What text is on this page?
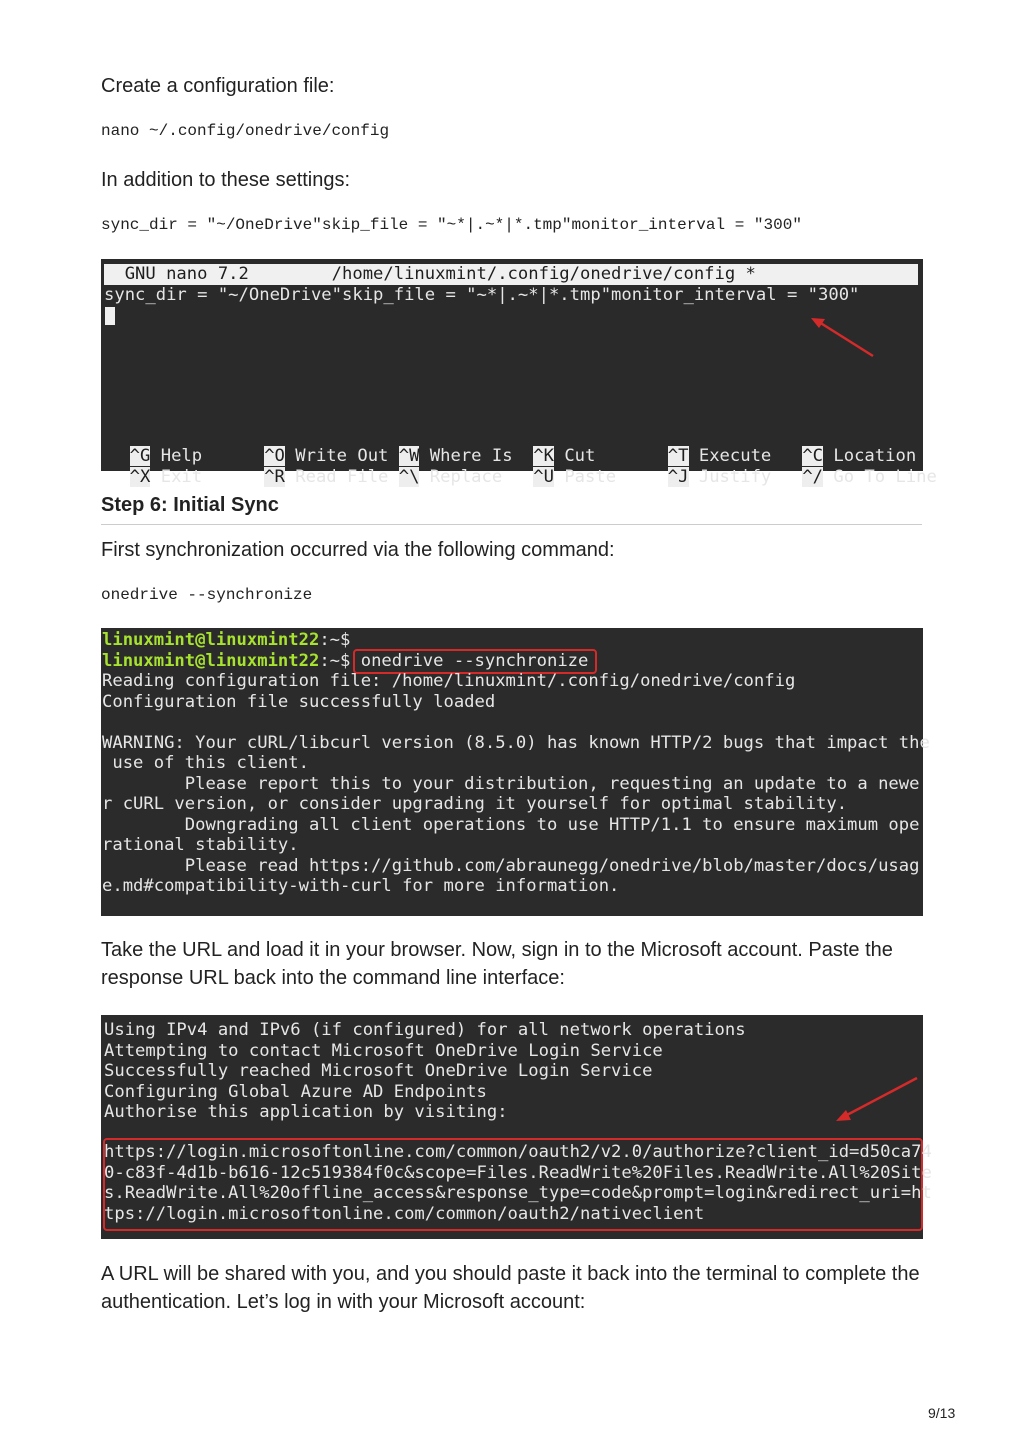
Create a configuration file:
nano ~/.config/onedrive/config
In addition to these settings:
sync_dir = "~/OneDrive"skip_file = "~*|.~*|*.tmp"monitor_interval = "300"
GNU nano 7.2        /home/linuxmint/.config/onedrive/config *
sync_dir = "~/OneDrive"skip_file = "~*|.~*|*.tmp"monitor_interval = "300"

^G Help      ^O Write Out ^W Where Is  ^K Cut       ^T Execute   ^C Location

^X Exit      ^R Read File ^\ Replace   ^U Paste     ^J Justify   ^/ Go To Line

Step 6: Initial Sync
First synchronization occurred via the following command:
onedrive --synchronize
linuxmint@linuxmint22:~$
linuxmint@linuxmint22:~$ onedrive --synchronize
Reading configuration file: /home/linuxmint/.config/onedrive/config
Configuration file successfully loaded
WARNING: Your cURL/libcurl version (8.5.0) has known HTTP/2 bugs that impact the
use of this client.
Please report this to your distribution, requesting an update to a newe
r cURL version, or consider upgrading it yourself for optimal stability.
Downgrading all client operations to use HTTP/1.1 to ensure maximum ope
rational stability.
Please read https://github.com/abraunegg/onedrive/blob/master/docs/usag
e.md#compatibility-with-curl for more information.
Take the URL and load it in your browser. Now, sign in to the Microsoft account. Paste the response URL back into the command line interface:
Using IPv4 and IPv6 (if configured) for all network operations
Attempting to contact Microsoft OneDrive Login Service
Successfully reached Microsoft OneDrive Login Service
Configuring Global Azure AD Endpoints
Authorise this application by visiting:
https://login.microsoftonline.com/common/oauth2/v2.0/authorize?client_id=d50ca74
0-c83f-4d1b-b616-12c519384f0c&scope=Files.ReadWrite%20Files.ReadWrite.All%20Site
s.ReadWrite.All%20offline_access&response_type=code&prompt=login&redirect_uri=ht
tps://login.microsoftonline.com/common/oauth2/nativeclient
A URL will be shared with you, and you should paste it back into the terminal to complete the authentication. Let’s log in with your Microsoft account:
9/13
